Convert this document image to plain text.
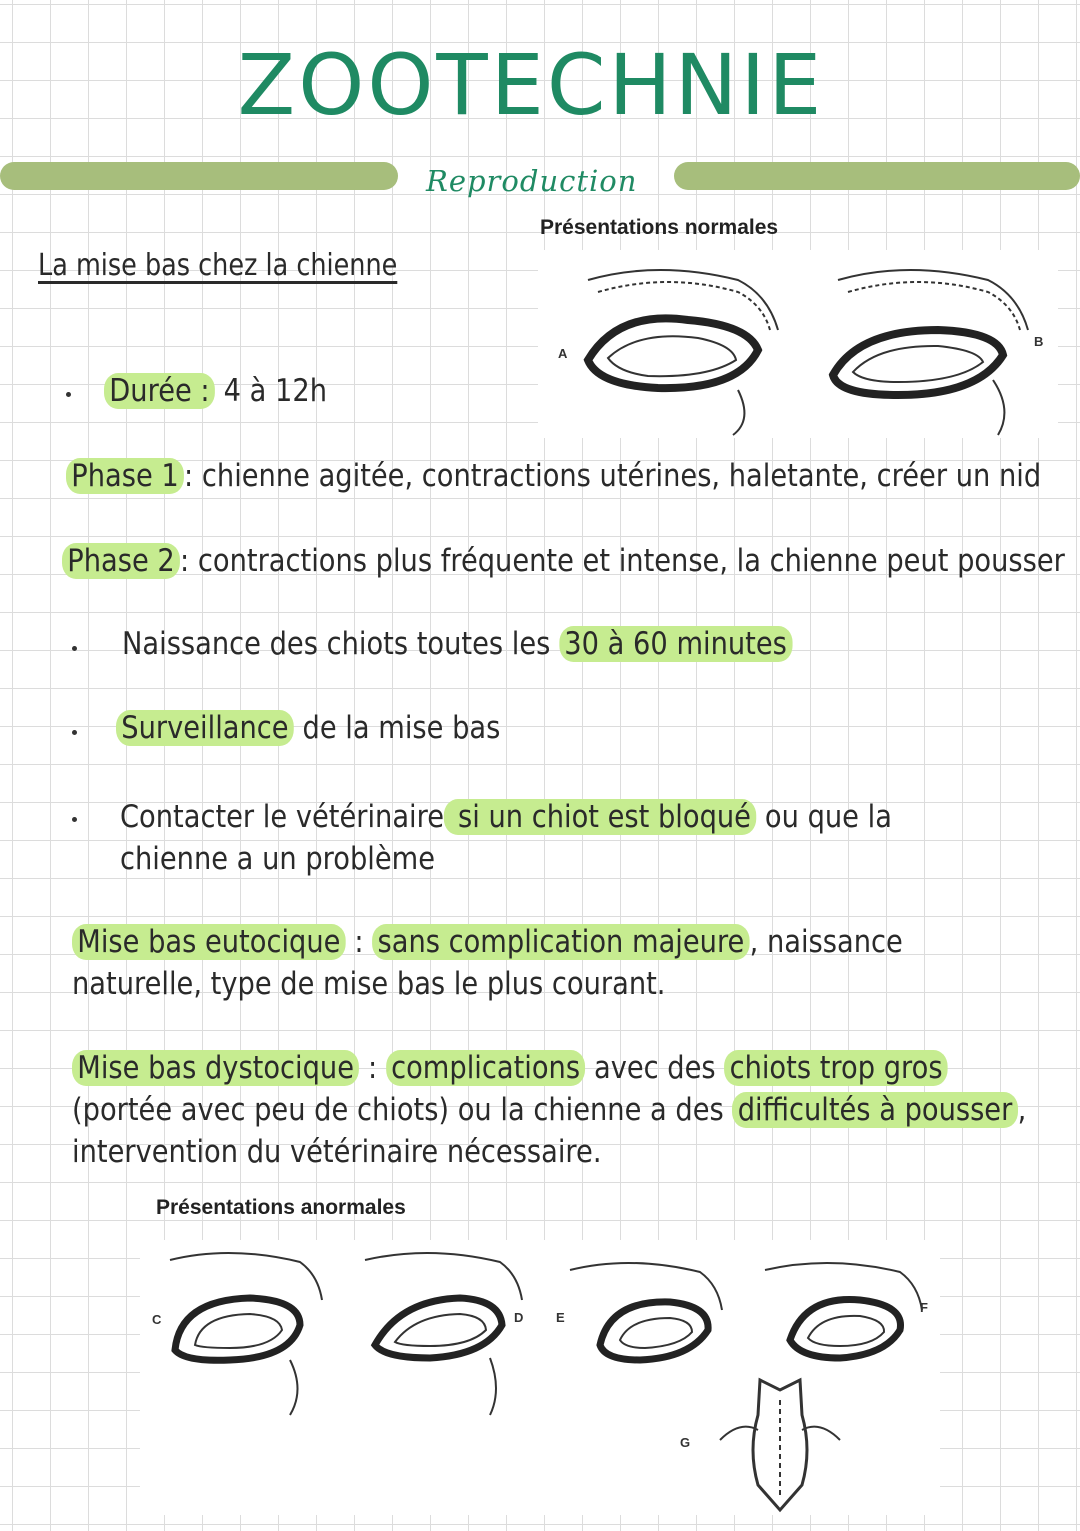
ZOOTECHNIE
Reproduction
La mise bas chez la chienne
Présentations normales
A
B
Durée : 4 à 12h
Phase 1 : chienne agitée, contractions utérines, haletante, créer un nid
Phase 2 : contractions plus fréquente et intense, la chienne peut pousser
Naissance des chiots toutes les 30 à 60 minutes
Surveillance de la mise bas
Contacter le vétérinaire si un chiot est bloqué ou que la chienne a un problème
Mise bas eutocique : sans complication majeure , naissance naturelle, type de mise bas le plus courant.
Mise bas dystocique : complications avec des chiots trop gros (portée avec peu de chiots) ou la chienne a des difficultés à pousser , intervention du vétérinaire nécessaire.
Présentations anormales
C	D	E
F
G
